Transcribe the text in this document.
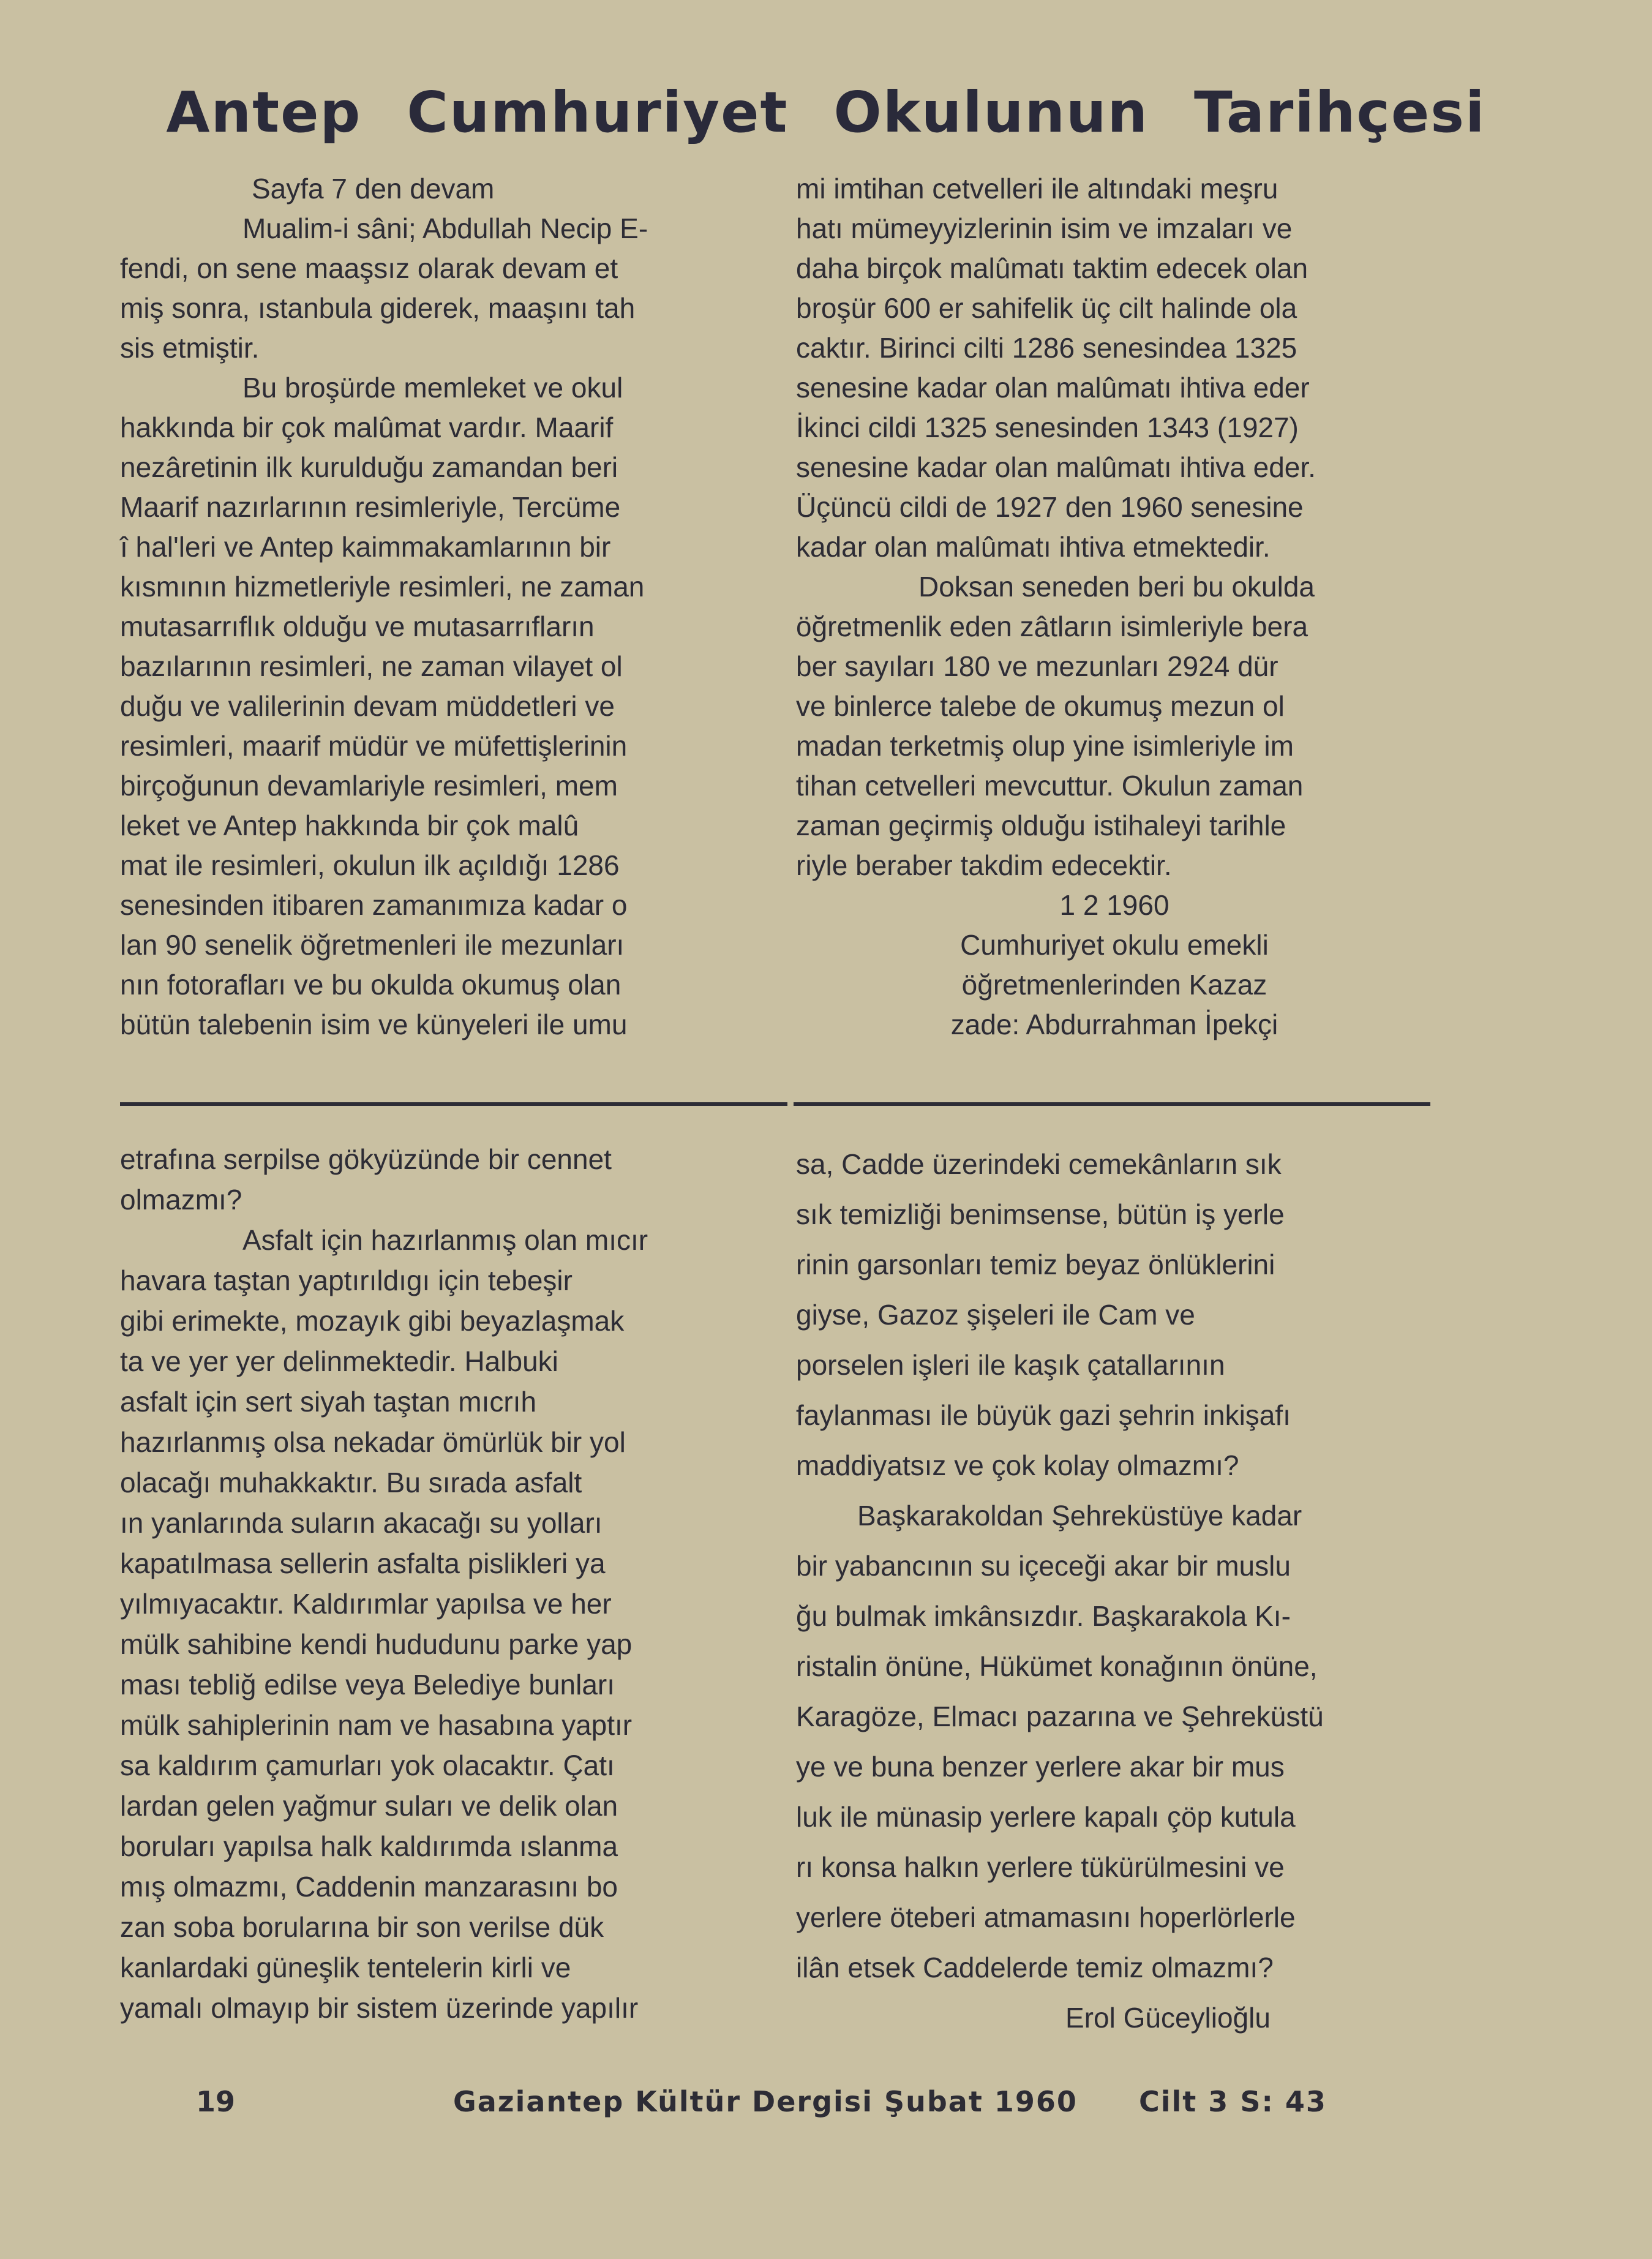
Antep Cumhuriyet Okulunun Tarihçesi
Sayfa 7 den devam
Mualim-i sâni; Abdullah Necip E-
fendi, on sene maaşsız olarak devam et
miş sonra, ıstanbula giderek, maaşını tah
sis etmiştir.
Bu broşürde memleket ve okul
hakkında bir çok malûmat vardır. Maarif
nezâretinin ilk kurulduğu zamandan beri
Maarif nazırlarının resimleriyle, Tercüme
î hal'leri ve Antep kaimmakamlarının bir
kısmının hizmetleriyle resimleri, ne zaman
mutasarrıflık olduğu ve mutasarrıfların
bazılarının resimleri, ne zaman vilayet ol
duğu ve valilerinin devam müddetleri ve
resimleri, maarif müdür ve müfettişlerinin
birçoğunun devamlariyle resimleri, mem
leket ve Antep hakkında bir çok malû
mat ile resimleri, okulun ilk açıldığı 1286
senesinden itibaren zamanımıza kadar o
lan 90 senelik öğretmenleri ile mezunları
nın fotorafları ve bu okulda okumuş olan
bütün talebenin isim ve künyeleri ile umu
mi imtihan cetvelleri ile altındaki meşru
hatı mümeyyizlerinin isim ve imzaları ve
daha birçok malûmatı taktim edecek olan
broşür 600 er sahifelik üç cilt halinde ola
caktır. Birinci cilti 1286 senesindea 1325
senesine kadar olan malûmatı ihtiva eder
İkinci cildi 1325 senesinden 1343 (1927)
senesine kadar olan malûmatı ihtiva eder.
Üçüncü cildi de 1927 den 1960 senesine
kadar olan malûmatı ihtiva etmektedir.
Doksan seneden beri bu okulda
öğretmenlik eden zâtların isimleriyle bera
ber sayıları 180 ve mezunları 2924 dür
ve binlerce talebe de okumuş mezun ol
madan terketmiş olup yine isimleriyle im
tihan cetvelleri mevcuttur. Okulun zaman
zaman geçirmiş olduğu istihaleyi tarihle
riyle beraber takdim edecektir.
1 2 1960
Cumhuriyet okulu emekli
öğretmenlerinden Kazaz
zade: Abdurrahman İpekçi
etrafına serpilse gökyüzünde bir cennet
olmazmı?
Asfalt için hazırlanmış olan mıcır
havara taştan yaptırıldıgı için tebeşir
gibi erimekte, mozayık gibi beyazlaşmak
ta ve yer yer delinmektedir. Halbuki
asfalt için sert siyah taştan mıcrıh
hazırlanmış olsa nekadar ömürlük bir yol
olacağı muhakkaktır. Bu sırada asfalt
ın yanlarında suların akacağı su yolları
kapatılmasa sellerin asfalta pislikleri ya
yılmıyacaktır. Kaldırımlar yapılsa ve her
mülk sahibine kendi hududunu parke yap
ması tebliğ edilse veya Belediye bunları
mülk sahiplerinin nam ve hasabına yaptır
sa kaldırım çamurları yok olacaktır. Çatı
lardan gelen yağmur suları ve delik olan
boruları yapılsa halk kaldırımda ıslanma
mış olmazmı, Caddenin manzarasını bo
zan soba borularına bir son verilse dük
kanlardaki güneşlik tentelerin kirli ve
yamalı olmayıp bir sistem üzerinde yapılır
sa, Cadde üzerindeki cemekânların sık
sık temizliği benimsense, bütün iş yerle
rinin garsonları temiz beyaz önlüklerini
giyse, Gazoz şişeleri ile Cam ve
porselen işleri ile kaşık çatallarının
faylanması ile büyük gazi şehrin inkişafı
maddiyatsız ve çok kolay olmazmı?
Başkarakoldan Şehreküstüye kadar
bir yabancının su içeceği akar bir muslu
ğu bulmak imkânsızdır. Başkarakola Kı-
ristalin önüne, Hükümet konağının önüne,
Karagöze, Elmacı pazarına ve Şehreküstü
ye ve buna benzer yerlere akar bir mus
luk ile münasip yerlere kapalı çöp kutula
rı konsa halkın yerlere tükürülmesini ve
yerlere öteberi atmamasını hoperlörlerle
ilân etsek Caddelerde temiz olmazmı?
Erol Güceylioğlu
19	Gaziantep Kültür Dergisi Şubat 1960 Cilt 3 S: 43
